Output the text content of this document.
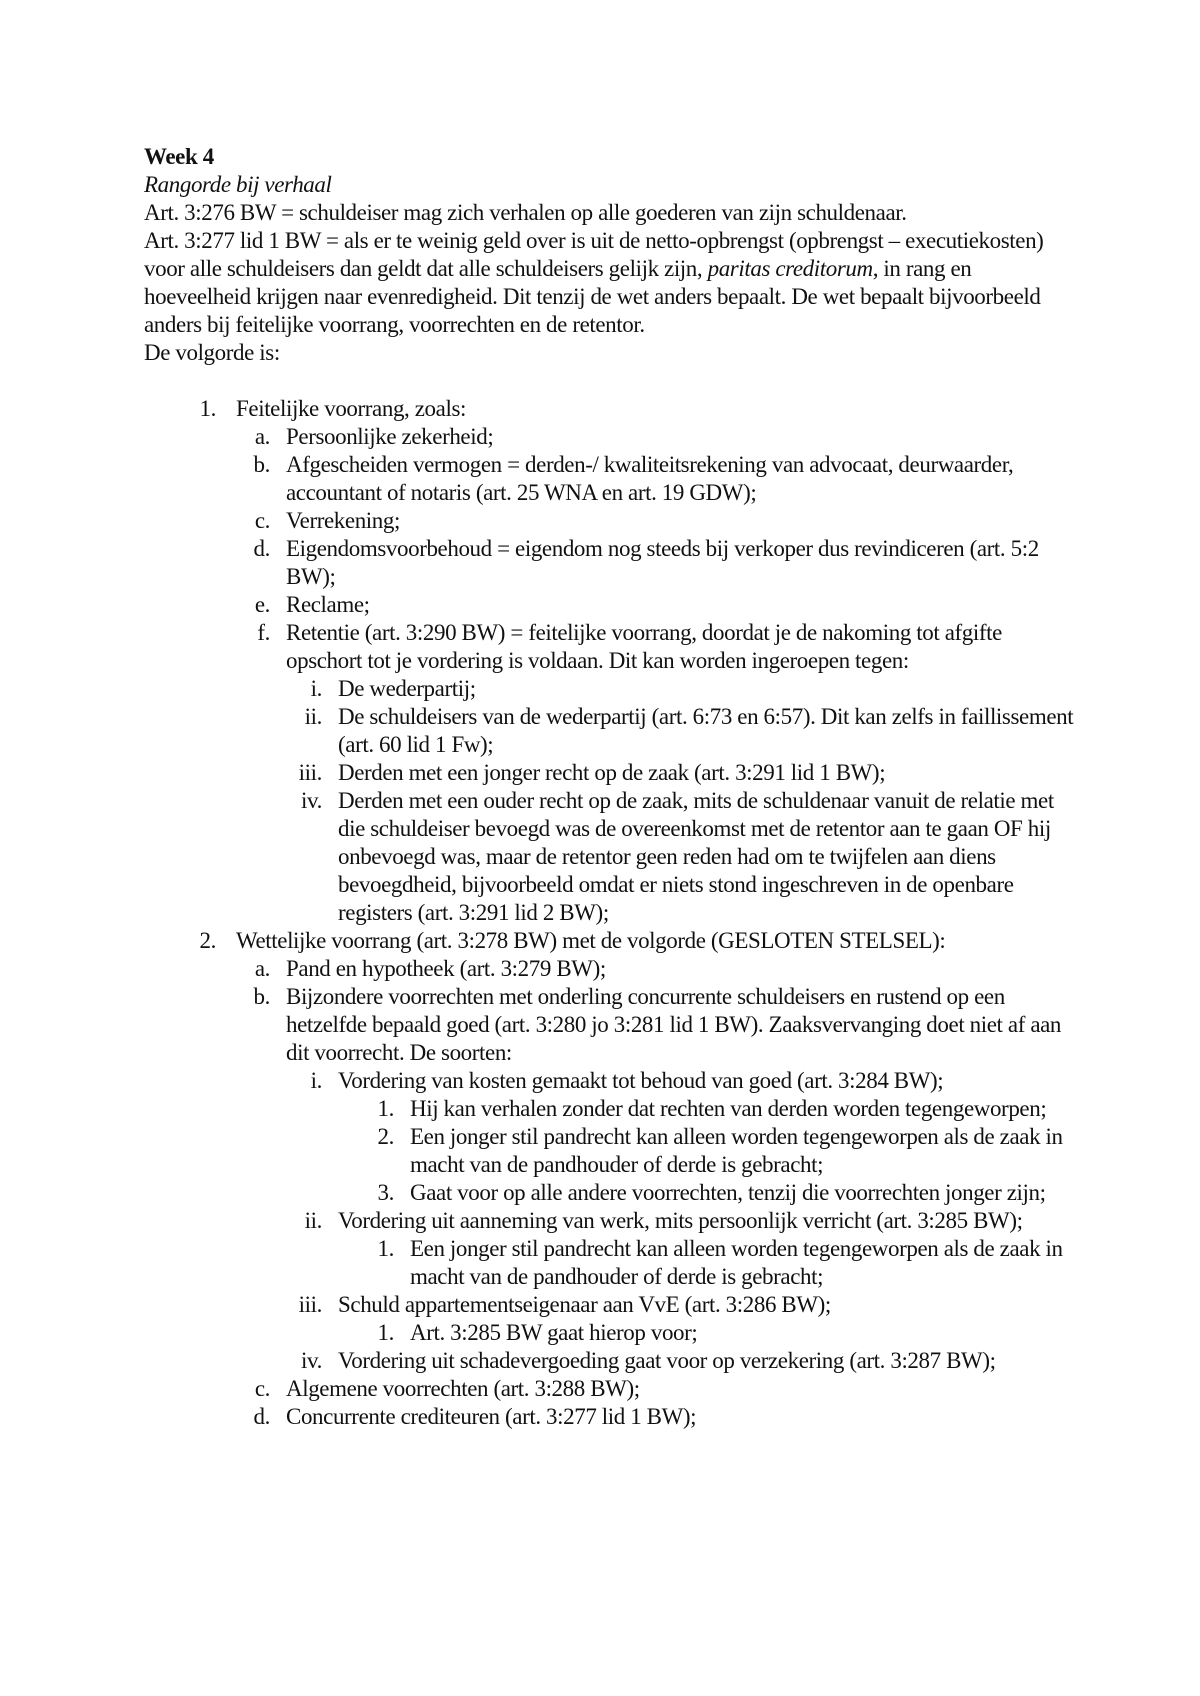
Week 4
Rangorde bij verhaal

Art. 3:276 BW = schuldeiser mag zich verhalen op alle goederen van zijn schuldenaar.

Art. 3:277 lid 1 BW = als er te weinig geld over is uit de netto-opbrengst (opbrengst – executiekosten) voor alle schuldeisers dan geldt dat alle schuldeisers gelijk zijn, paritas creditorum, in rang en hoeveelheid krijgen naar evenredigheid. Dit tenzij de wet anders bepaalt. De wet bepaalt bijvoorbeeld anders bij feitelijke voorrang, voorrechten en de retentor.

De volgorde is:

1. Feitelijke voorrang, zoals:
a. Persoonlijke zekerheid;
b. Afgescheiden vermogen = derden-/ kwaliteitsrekening van advocaat, deurwaarder, accountant of notaris (art. 25 WNA en art. 19 GDW);
c. Verrekening;
d. Eigendomsvoorbehoud = eigendom nog steeds bij verkoper dus revindiceren (art. 5:2 BW);
e. Reclame;
f. Retentie (art. 3:290 BW) = feitelijke voorrang, doordat je de nakoming tot afgifte opschort tot je vordering is voldaan. Dit kan worden ingeroepen tegen:
i. De wederpartij;
ii. De schuldeisers van de wederpartij (art. 6:73 en 6:57). Dit kan zelfs in faillissement (art. 60 lid 1 Fw);
iii. Derden met een jonger recht op de zaak (art. 3:291 lid 1 BW);
iv. Derden met een ouder recht op de zaak, mits de schuldenaar vanuit de relatie met die schuldeiser bevoegd was de overeenkomst met de retentor aan te gaan OF hij onbevoegd was, maar de retentor geen reden had om te twijfelen aan diens bevoegdheid, bijvoorbeeld omdat er niets stond ingeschreven in de openbare registers (art. 3:291 lid 2 BW);
2. Wettelijke voorrang (art. 3:278 BW) met de volgorde (GESLOTEN STELSEL):
a. Pand en hypotheek (art. 3:279 BW);
b. Bijzondere voorrechten met onderling concurrente schuldeisers en rustend op een hetzelfde bepaald goed (art. 3:280 jo 3:281 lid 1 BW). Zaaksvervanging doet niet af aan dit voorrecht. De soorten:
i. Vordering van kosten gemaakt tot behoud van goed (art. 3:284 BW);
1. Hij kan verhalen zonder dat rechten van derden worden tegengeworpen;
2. Een jonger stil pandrecht kan alleen worden tegengeworpen als de zaak in macht van de pandhouder of derde is gebracht;
3. Gaat voor op alle andere voorrechten, tenzij die voorrechten jonger zijn;
ii. Vordering uit aanneming van werk, mits persoonlijk verricht (art. 3:285 BW);
1. Een jonger stil pandrecht kan alleen worden tegengeworpen als de zaak in macht van de pandhouder of derde is gebracht;
iii. Schuld appartementseigenaar aan VvE (art. 3:286 BW);
1. Art. 3:285 BW gaat hierop voor;
iv. Vordering uit schadevergoeding gaat voor op verzekering (art. 3:287 BW);
c. Algemene voorrechten (art. 3:288 BW);
d. Concurrente crediteuren (art. 3:277 lid 1 BW);
